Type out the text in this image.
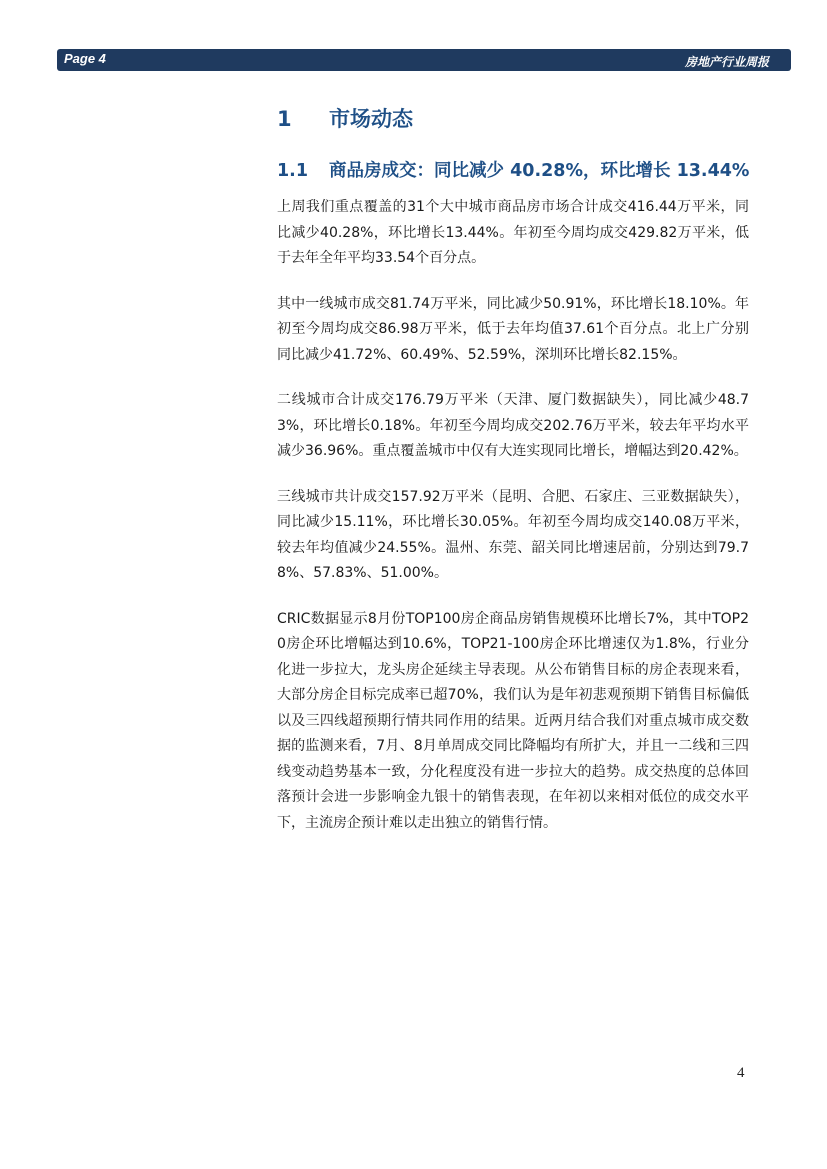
Page 4	房地产行业周报
1 市场动态
1.1 商品房成交：同比减少 40.28%，环比增长 13.44%

上周我们重点覆盖的31个大中城市商品房市场合计成交416.44万平米，同比减少40.28%，环比增长13.44%。年初至今周均成交429.82万平米，低于去年全年平均33.54个百分点。

其中一线城市成交81.74万平米，同比减少50.91%，环比增长18.10%。年初至今周均成交86.98万平米，低于去年均值37.61个百分点。北上广分别同比减少41.72%、60.49%、52.59%，深圳环比增长82.15%。

二线城市合计成交176.79万平米（天津、厦门数据缺失），同比减少48.73%，环比增长0.18%。年初至今周均成交202.76万平米，较去年平均水平减少36.96%。重点覆盖城市中仅有大连实现同比增长，增幅达到20.42%。

三线城市共计成交157.92万平米（昆明、合肥、石家庄、三亚数据缺失），同比减少15.11%，环比增长30.05%。年初至今周均成交140.08万平米，较去年均值减少24.55%。温州、东莞、韶关同比增速居前，分别达到79.78%、57.83%、51.00%。

CRIC数据显示8月份TOP100房企商品房销售规模环比增长7%，其中TOP20房企环比增幅达到10.6%，TOP21-100房企环比增速仅为1.8%，行业分化进一步拉大，龙头房企延续主导表现。从公布销售目标的房企表现来看，大部分房企目标完成率已超70%，我们认为是年初悲观预期下销售目标偏低以及三四线超预期行情共同作用的结果。近两月结合我们对重点城市成交数据的监测来看，7月、8月单周成交同比降幅均有所扩大，并且一二线和三四线变动趋势基本一致，分化程度没有进一步拉大的趋势。成交热度的总体回落预计会进一步影响金九银十的销售表现，在年初以来相对低位的成交水平下，主流房企预计难以走出独立的销售行情。

4
